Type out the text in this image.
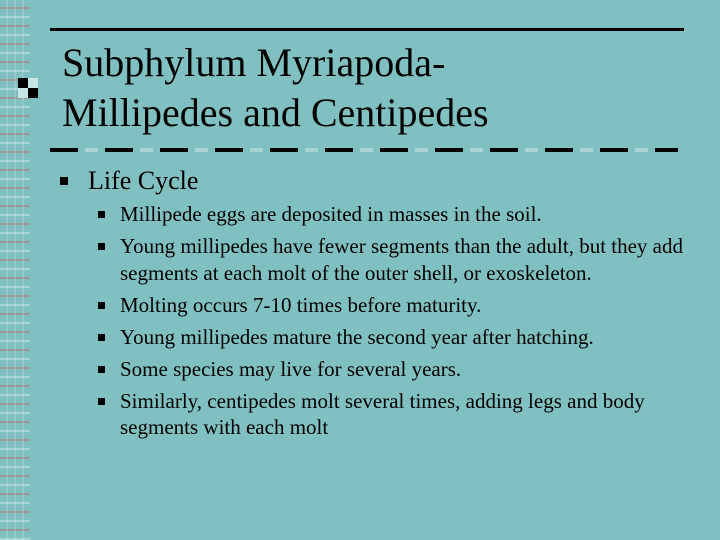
Subphylum Myriapoda-
Millipedes and Centipedes
Life Cycle
Millipede eggs are deposited in masses in the soil.
Young millipedes have fewer segments than the adult, but they add segments at each molt of the outer shell, or exoskeleton.
Molting occurs 7-10 times before maturity.
Young millipedes mature the second year after hatching.
Some species may live for several years.
Similarly, centipedes molt several times, adding legs and body segments with each molt
